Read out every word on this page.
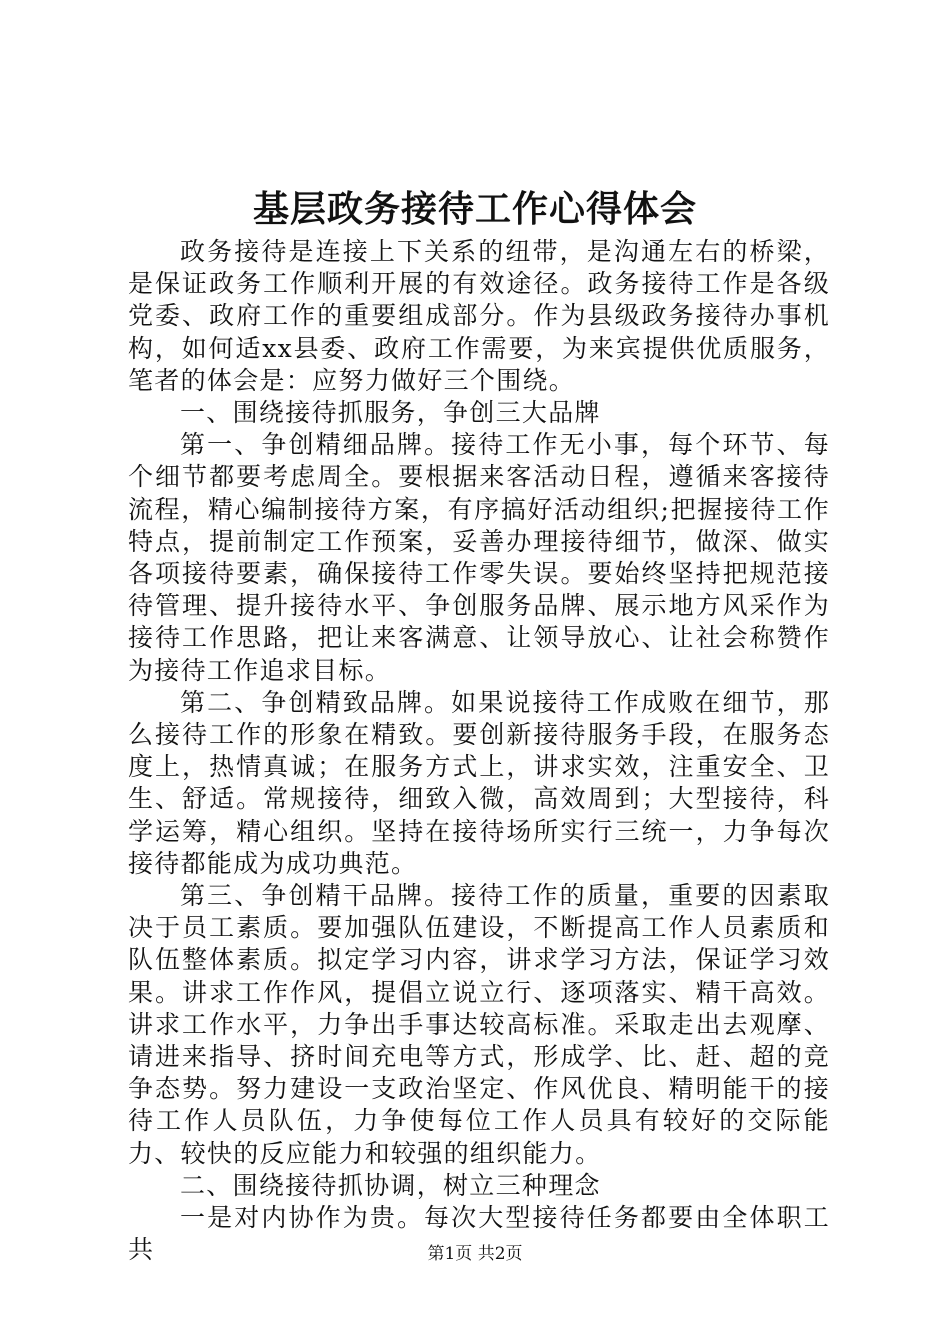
基层政务接待工作心得体会

政务接待是连接上下关系的纽带，是沟通左右的桥梁，是保证政务工作顺利开展的有效途径。政务接待工作是各级党委、政府工作的重要组成部分。作为县级政务接待办事机构，如何适xx县委、政府工作需要，为来宾提供优质服务，笔者的体会是：应努力做好三个围绕。

一、围绕接待抓服务，争创三大品牌

第一、争创精细品牌。接待工作无小事，每个环节、每个细节都要考虑周全。要根据来客活动日程，遵循来客接待流程，精心编制接待方案，有序搞好活动组织;把握接待工作特点，提前制定工作预案，妥善办理接待细节，做深、做实各项接待要素，确保接待工作零失误。要始终坚持把规范接待管理、提升接待水平、争创服务品牌、展示地方风采作为接待工作思路，把让来客满意、让领导放心、让社会称赞作为接待工作追求目标。

第二、争创精致品牌。如果说接待工作成败在细节，那么接待工作的形象在精致。要创新接待服务手段，在服务态度上，热情真诚；在服务方式上，讲求实效，注重安全、卫生、舒适。常规接待，细致入微，高效周到；大型接待，科学运筹，精心组织。坚持在接待场所实行三统一，力争每次接待都能成为成功典范。

第三、争创精干品牌。接待工作的质量，重要的因素取决于员工素质。要加强队伍建设，不断提高工作人员素质和队伍整体素质。拟定学习内容，讲求学习方法，保证学习效果。讲求工作作风，提倡立说立行、逐项落实、精干高效。讲求工作水平，力争出手事达较高标准。采取走出去观摩、请进来指导、挤时间充电等方式，形成学、比、赶、超的竞争态势。努力建设一支政治坚定、作风优良、精明能干的接待工作人员队伍，力争使每位工作人员具有较好的交际能力、较快的反应能力和较强的组织能力。

二、围绕接待抓协调，树立三种理念

一是对内协作为贵。每次大型接待任务都要由全体职工共	第1页 共2页
